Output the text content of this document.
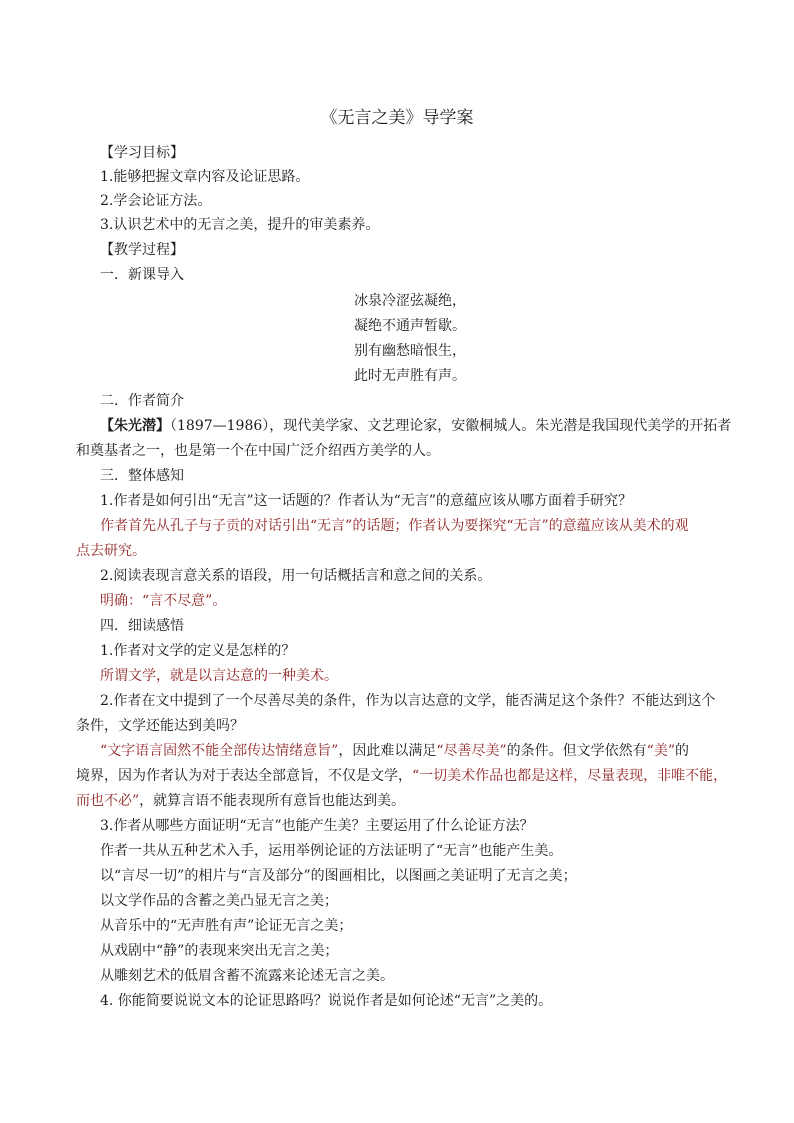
《无言之美》导学案
【学习目标】
1.能够把握文章内容及论证思路。
2.学会论证方法。
3.认识艺术中的无言之美，提升的审美素养。
【教学过程】
一．新课导入
冰泉冷涩弦凝绝，
凝绝不通声暂歇。
别有幽愁暗恨生，
此时无声胜有声。
二．作者简介
【朱光潜】（1897—1986），现代美学家、文艺理论家，安徽桐城人。朱光潜是我国现代美学的开拓者
和奠基者之一，也是第一个在中国广泛介绍西方美学的人。
三．整体感知
1.作者是如何引出“无言”这一话题的？作者认为“无言”的意蕴应该从哪方面着手研究？
作者首先从孔子与子贡的对话引出“无言”的话题；作者认为要探究“无言”的意蕴应该从美术的观
点去研究。
2.阅读表现言意关系的语段，用一句话概括言和意之间的关系。
明确：“言不尽意”。
四．细读感悟
1.作者对文学的定义是怎样的？
所谓文学，就是以言达意的一种美术。
2.作者在文中提到了一个尽善尽美的条件，作为以言达意的文学，能否满足这个条件？不能达到这个
条件，文学还能达到美吗？
“文字语言固然不能全部传达情绪意旨”，因此难以满足“尽善尽美”的条件。但文学依然有“美”的
境界，因为作者认为对于表达全部意旨，不仅是文学，“一切美术作品也都是这样，尽量表现，非唯不能，
而也不必”，就算言语不能表现所有意旨也能达到美。
3.作者从哪些方面证明“无言”也能产生美？主要运用了什么论证方法？
作者一共从五种艺术入手，运用举例论证的方法证明了“无言”也能产生美。
以“言尽一切”的相片与“言及部分”的图画相比，以图画之美证明了无言之美；
以文学作品的含蓄之美凸显无言之美；
从音乐中的“无声胜有声”论证无言之美；
从戏剧中“静”的表现来突出无言之美；
从雕刻艺术的低眉含蓄不流露来论述无言之美。
4. 你能简要说说文本的论证思路吗？说说作者是如何论述“无言”之美的。
